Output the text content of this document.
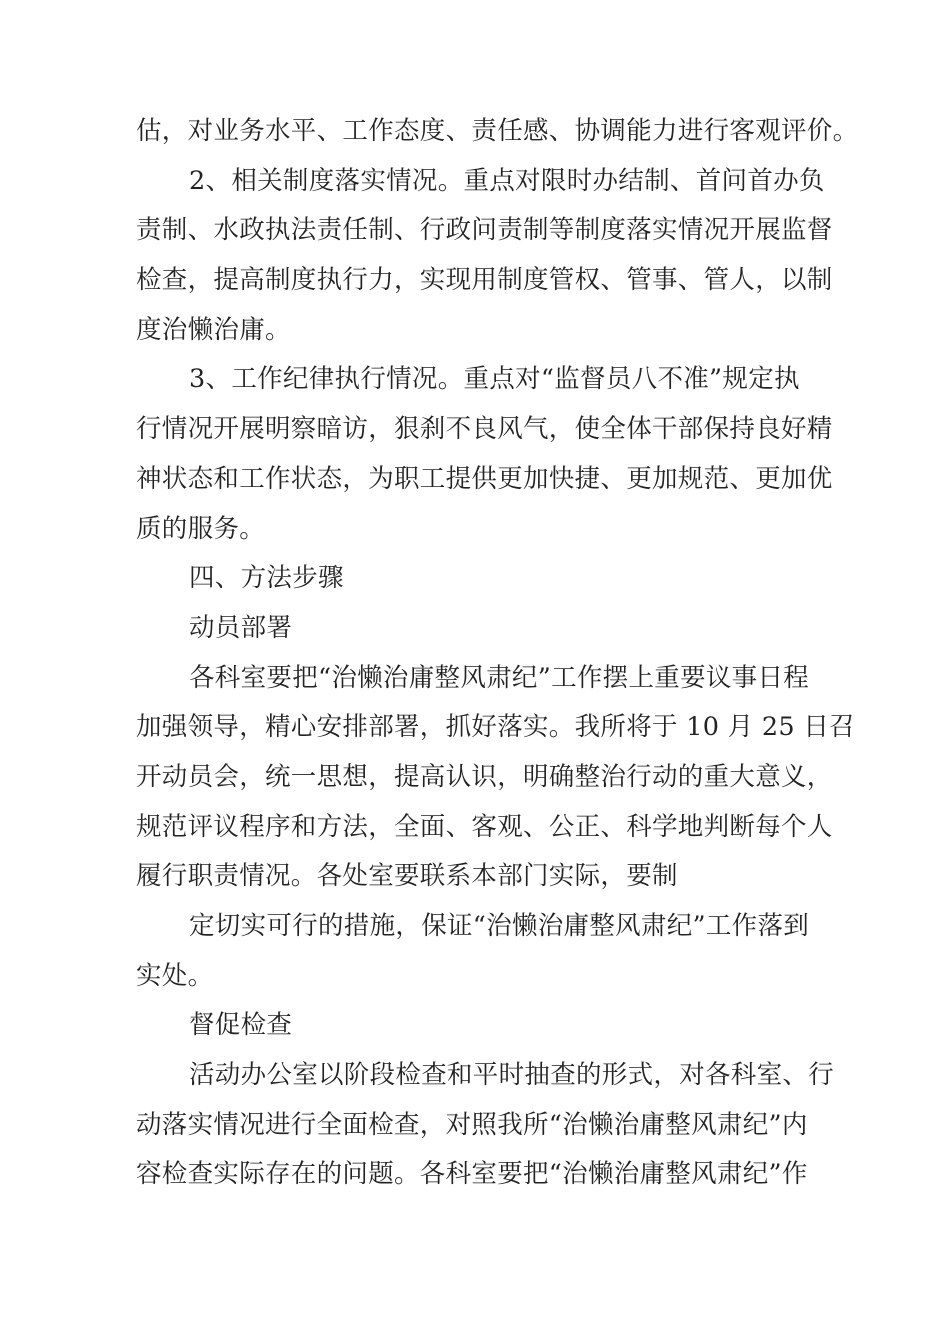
估，对业务水平、工作态度、责任感、协调能力进行客观评价。
2、相关制度落实情况。重点对限时办结制、首问首办负
责制、水政执法责任制、行政问责制等制度落实情况开展监督
检查，提高制度执行力，实现用制度管权、管事、管人，以制
度治懒治庸。
3、工作纪律执行情况。重点对“监督员八不准”规定执
行情况开展明察暗访，狠刹不良风气，使全体干部保持良好精
神状态和工作状态，为职工提供更加快捷、更加规范、更加优
质的服务。
四、方法步骤
动员部署
各科室要把“治懒治庸整风肃纪”工作摆上重要议事日程
加强领导，精心安排部署，抓好落实。我所将于 10 月 25 日召
开动员会，统一思想，提高认识，明确整治行动的重大意义，
规范评议程序和方法，全面、客观、公正、科学地判断每个人
履行职责情况。各处室要联系本部门实际，要制
定切实可行的措施，保证“治懒治庸整风肃纪”工作落到
实处。
督促检查
活动办公室以阶段检查和平时抽查的形式，对各科室、行
动落实情况进行全面检查，对照我所“治懒治庸整风肃纪”内
容检查实际存在的问题。各科室要把“治懒治庸整风肃纪”作
